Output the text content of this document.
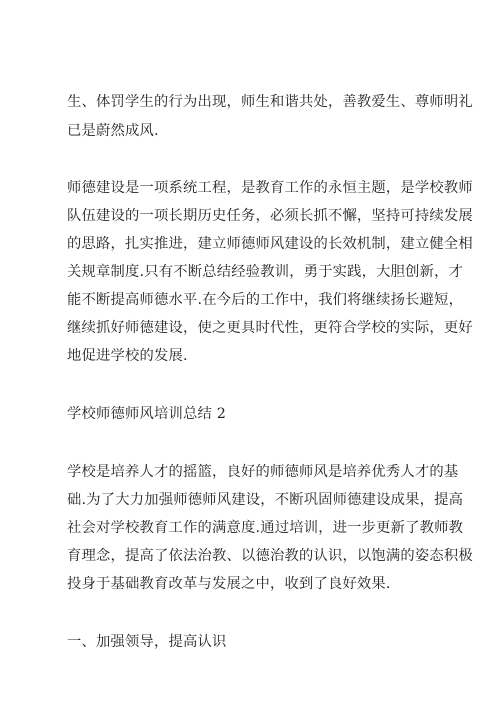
生、体罚学生的行为出现，师生和谐共处，善教爱生、尊师明礼
已是蔚然成风.
师德建设是一项系统工程，是教育工作的永恒主题，是学校教师
队伍建设的一项长期历史任务，必须长抓不懈，坚持可持续发展
的思路，扎实推进，建立师德师风建设的长效机制，建立健全相
关规章制度.只有不断总结经验教训，勇于实践，大胆创新，才
能不断提高师德水平.在今后的工作中，我们将继续扬长避短，
继续抓好师德建设，使之更具时代性，更符合学校的实际，更好
地促进学校的发展.
学校师德师风培训总结 2
学校是培养人才的摇篮，良好的师德师风是培养优秀人才的基
础.为了大力加强师德师风建设，不断巩固师德建设成果，提高
社会对学校教育工作的满意度.通过培训，进一步更新了教师教
育理念，提高了依法治教、以德治教的认识，以饱满的姿态积极
投身于基础教育改革与发展之中，收到了良好效果.
一、加强领导，提高认识
